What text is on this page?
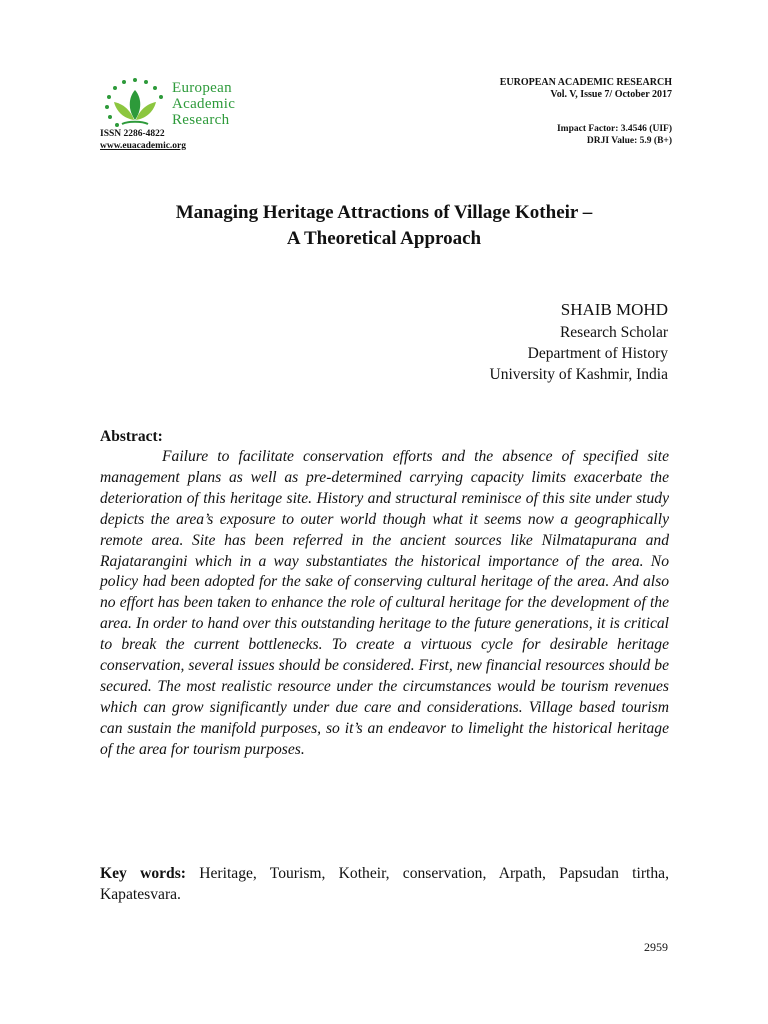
European
Academic
Research
ISSN 2286-4822
www.euacademic.org
EUROPEAN ACADEMIC RESEARCH
Vol. V, Issue 7/ October 2017
Impact Factor: 3.4546 (UIF)
DRJI Value: 5.9 (B+)
Managing Heritage Attractions of Village Kotheir –
A Theoretical Approach
SHAIB MOHD
Research Scholar
Department of History
University of Kashmir, India
Abstract:
Failure to facilitate conservation efforts and the absence of specified site management plans as well as pre-determined carrying capacity limits exacerbate the deterioration of this heritage site. History and structural reminisce of this site under study depicts the area’s exposure to outer world though what it seems now a geographically remote area. Site has been referred in the ancient sources like Nilmatapurana and Rajatarangini which in a way substantiates the historical importance of the area. No policy had been adopted for the sake of conserving cultural heritage of the area. And also no effort has been taken to enhance the role of cultural heritage for the development of the area. In order to hand over this outstanding heritage to the future generations, it is critical to break the current bottlenecks. To create a virtuous cycle for desirable heritage conservation, several issues should be considered. First, new financial resources should be secured. The most realistic resource under the circumstances would be tourism revenues which can grow significantly under due care and considerations. Village based tourism can sustain the manifold purposes, so it’s an endeavor to limelight the historical heritage of the area for tourism purposes.
Key words: Heritage, Tourism, Kotheir, conservation, Arpath, Papsudan tirtha, Kapatesvara.
2959
